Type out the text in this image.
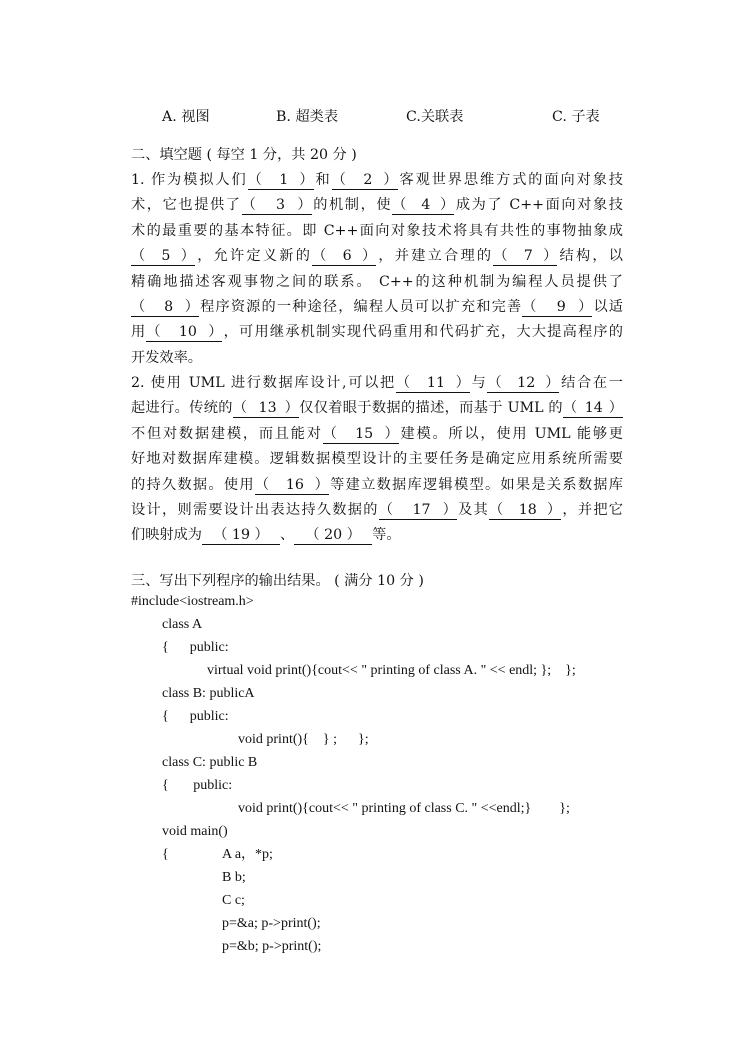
A. 视图	B. 超类表	C.关联表	C. 子表
二、填空题 ( 每空 1 分，共 20 分 )
1. 作为模拟人们（ 1 ）和（ 2 ）客观世界思维方式的面向对象技
术，它也提供了（ 3 ）的机制，使（ 4 ）成为了 C++面向对象技
术的最重要的基本特征。即 C++面向对象技术将具有共性的事物抽象成
（ 5 ），允许定义新的（ 6 ），并建立合理的（ 7 ）结构，以
精确地描述客观事物之间的联系。 C++的这种机制为编程人员提供了
（ 8 ）程序资源的一种途径，编程人员可以扩充和完善（ 9 ）以适
用（ 10 ），可用继承机制实现代码重用和代码扩充，大大提高程序的
开发效率。
2. 使用 UML 进行数据库设计,可以把（ 11 ）与（ 12 ）结合在一
起进行。传统的（ 13 ）仅仅着眼于数据的描述，而基于 UML 的（ 14 ）
不但对数据建模，而且能对（ 15 ）建模。所以，使用 UML 能够更
好地对数据库建模。逻辑数据模型设计的主要任务是确定应用系统所需要
的持久数据。使用（ 16 ）等建立数据库逻辑模型。如果是关系数据库
设计，则需要设计出表达持久数据的（ 17 ）及其（ 18 ），并把它
们映射成为 （ 19 ） 、 （ 20 ） 等。
三、写出下列程序的输出结果。 ( 满分 10 分 )
#include<iostream.h>
class A
{      public:
virtual void print(){cout<< " printing of class A. " << endl; };    };
class B: publicA
{      public:
void print(){    } ;      };
class C: public B
{       public:
void print(){cout<< " printing of class C. " <<endl;}        };
void main()
{	A a，*p;
B b;
C c;
p=&a; p->print();
p=&b; p->print();
